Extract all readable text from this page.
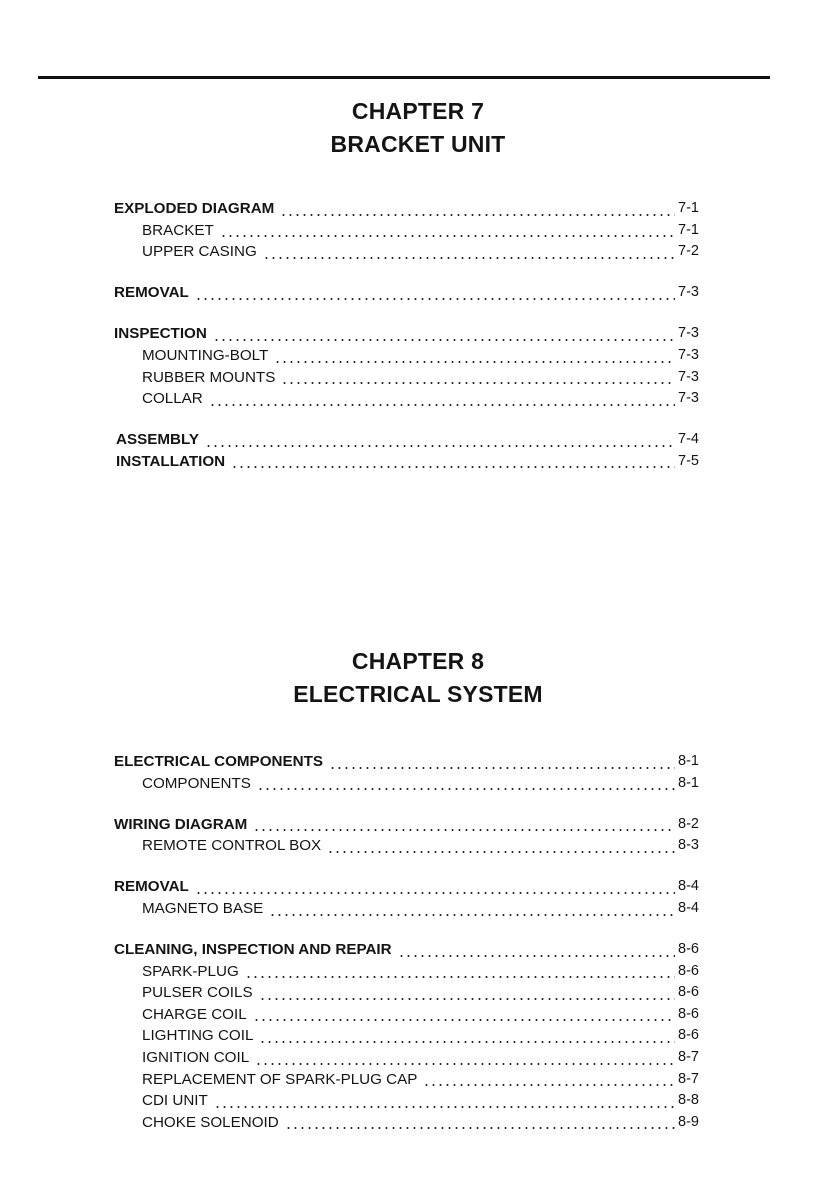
CHAPTER 7
BRACKET UNIT
EXPLODED DIAGRAM	7-1
BRACKET	7-1
UPPER CASING	7-2
REMOVAL	7-3
INSPECTION	7-3
MOUNTING-BOLT	7-3
RUBBER MOUNTS	7-3
COLLAR	7-3
ASSEMBLY	7-4
INSTALLATION	7-5
CHAPTER 8
ELECTRICAL SYSTEM
ELECTRICAL COMPONENTS	8-1
COMPONENTS	8-1
WIRING DIAGRAM	8-2
REMOTE CONTROL BOX	8-3
REMOVAL	8-4
MAGNETO BASE	8-4
CLEANING, INSPECTION AND REPAIR	8-6
SPARK-PLUG	8-6
PULSER COILS	8-6
CHARGE COIL	8-6
LIGHTING COIL	8-6
IGNITION COIL	8-7
REPLACEMENT OF SPARK-PLUG CAP	8-7
CDI UNIT	8-8
CHOKE SOLENOID	8-9
